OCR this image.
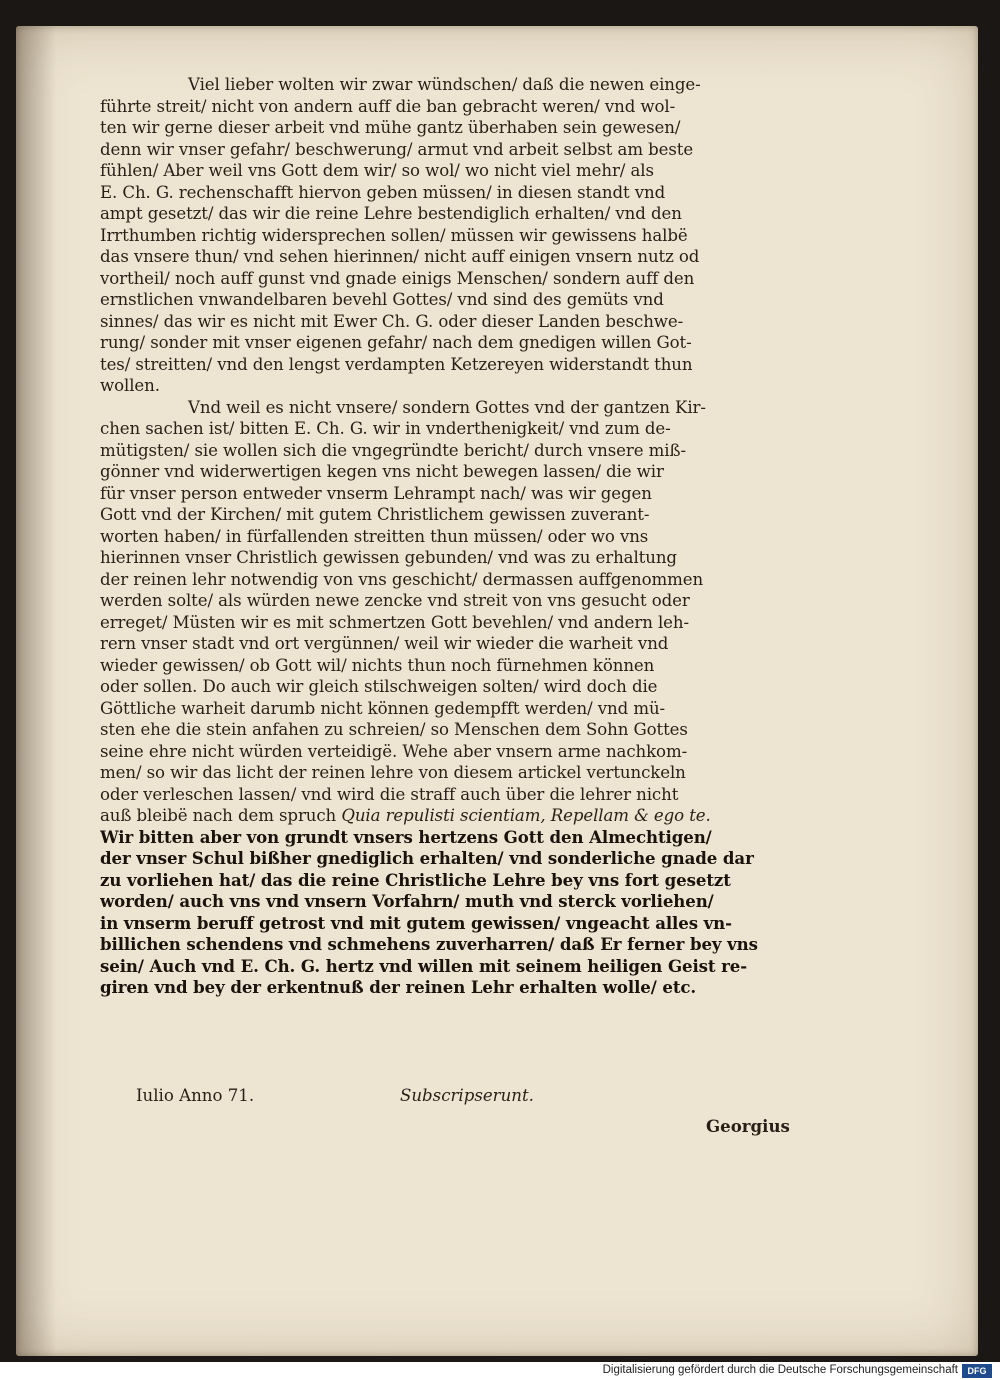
Viel lieber wolten wir zwar wündschen/ daß die newen einge-
führte streit/ nicht von andern auff die ban gebracht weren/ vnd wol-
ten wir gerne dieser arbeit vnd mühe gantz überhaben sein gewesen/
denn wir vnser gefahr/ beschwerung/ armut vnd arbeit selbst am beste
fühlen/ Aber weil vns Gott dem wir/ so wol/ wo nicht viel mehr/ als
E. Ch. G. rechenschafft hiervon geben müssen/ in diesen standt vnd
ampt gesetzt/ das wir die reine Lehre bestendiglich erhalten/ vnd den
Irrthumben richtig widersprechen sollen/ müssen wir gewissens halbë
das vnsere thun/ vnd sehen hierinnen/ nicht auff einigen vnsern nutz od
vortheil/ noch auff gunst vnd gnade einigs Menschen/ sondern auff den
ernstlichen vnwandelbaren bevehl Gottes/ vnd sind des gemüts vnd
sinnes/ das wir es nicht mit Ewer Ch. G. oder dieser Landen beschwe-
rung/ sonder mit vnser eigenen gefahr/ nach dem gnedigen willen Got-
tes/ streitten/ vnd den lengst verdampten Ketzereyen widerstandt thun
wollen.
Vnd weil es nicht vnsere/ sondern Gottes vnd der gantzen Kir-
chen sachen ist/ bitten E. Ch. G. wir in vnderthenigkeit/ vnd zum de-
mütigsten/ sie wollen sich die vngegründte bericht/ durch vnsere miß-
gönner vnd widerwertigen kegen vns nicht bewegen lassen/ die wir
für vnser person entweder vnserm Lehrampt nach/ was wir gegen
Gott vnd der Kirchen/ mit gutem Christlichem gewissen zuverant-
worten haben/ in fürfallenden streitten thun müssen/ oder wo vns
hierinnen vnser Christlich gewissen gebunden/ vnd was zu erhaltung
der reinen lehr notwendig von vns geschicht/ dermassen auffgenommen
werden solte/ als würden newe zencke vnd streit von vns gesucht oder
erreget/ Müsten wir es mit schmertzen Gott bevehlen/ vnd andern leh-
rern vnser stadt vnd ort vergünnen/ weil wir wieder die warheit vnd
wieder gewissen/ ob Gott wil/ nichts thun noch fürnehmen können
oder sollen. Do auch wir gleich stilschweigen solten/ wird doch die
Göttliche warheit darumb nicht können gedempfft werden/ vnd mü-
sten ehe die stein anfahen zu schreien/ so Menschen dem Sohn Gottes
seine ehre nicht würden verteidigë. Wehe aber vnsern arme nachkom-
men/ so wir das licht der reinen lehre von diesem artickel vertunckeln
oder verleschen lassen/ vnd wird die straff auch über die lehrer nicht
auß bleibë nach dem spruch Quia repulisti scientiam, Repellam & ego te.
Wir bitten aber von grundt vnsers hertzens Gott den Almechtigen/
der vnser Schul bißher gnediglich erhalten/ vnd sonderliche gnade dar
zu vorliehen hat/ das die reine Christliche Lehre bey vns fort gesetzt
worden/ auch vns vnd vnsern Vorfahrn/ muth vnd sterck vorliehen/
in vnserm beruff getrost vnd mit gutem gewissen/ vngeacht alles vn-
billichen schendens vnd schmehens zuverharren/ daß Er ferner bey vns
sein/ Auch vnd E. Ch. G. hertz vnd willen mit seinem heiligen Geist re-
giren vnd bey der erkentnuß der reinen Lehr erhalten wolle/ etc.
Iulio Anno 71.	Subscripserunt.
Georgius
Digitalisierung gefördert durch die Deutsche Forschungsgemeinschaft	DFG
